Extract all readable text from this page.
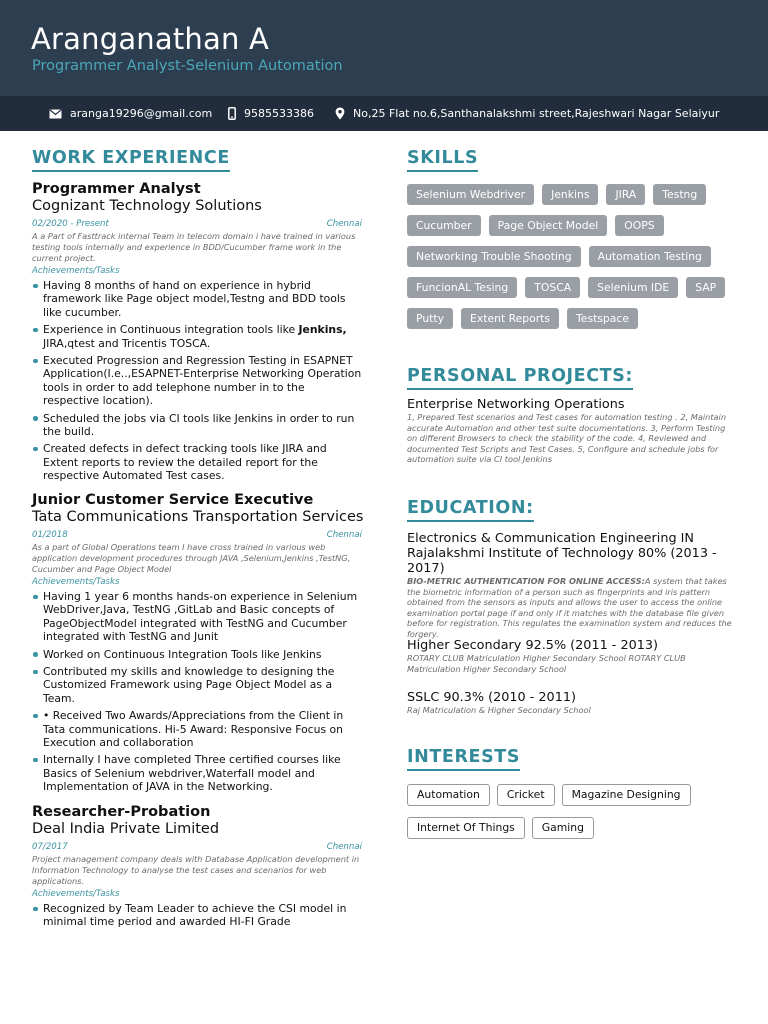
Aranganathan A
Programmer Analyst-Selenium Automation
aranga19296@gmail.com	9585533386	No,25 Flat no.6,Santhanalakshmi street,Rajeshwari Nagar Selaiyur
WORK EXPERIENCE
Programmer Analyst
Cognizant Technology Solutions
02/2020 - Present	Chennai
A a Part of Fasttrack internal Team in telecom domain i have trained in various testing tools internally and experience in BDD/Cucumber frame work in the current project.
Achievements/Tasks
Having 8 months of hand on experience in hybrid framework like Page object model,Testng and BDD tools like cucumber.
Experience in Continuous integration tools like Jenkins, JIRA,qtest and Tricentis TOSCA.
Executed Progression and Regression Testing in ESAPNET Application(I.e..,ESAPNET-Enterprise Networking Operation tools in order to add telephone number in to the respective location).
Scheduled the jobs via CI tools like Jenkins in order to run the build.
Created defects in defect tracking tools like JIRA and Extent reports to review the detailed report for the respective Automated Test cases.
Junior Customer Service Executive
Tata Communications Transportation Services
01/2018	Chennai
As a part of Global Operations team I have cross trained in various web application development procedures through JAVA ,Selenium,Jenkins ,TestNG, Cucumber and Page Object Model
Achievements/Tasks
Having 1 year 6 months hands-on experience in Selenium WebDriver,Java, TestNG ,GitLab and Basic concepts of PageObjectModel integrated with TestNG and Cucumber integrated with TestNG and Junit
Worked on Continuous Integration Tools like Jenkins
Contributed my skills and knowledge to designing the Customized Framework using Page Object Model as a Team.
• Received Two Awards/Appreciations from the Client in Tata communications. Hi-5 Award: Responsive Focus on Execution and collaboration
Internally I have completed Three certified courses like Basics of Selenium webdriver,Waterfall model and Implementation of JAVA in the Networking.
Researcher-Probation
Deal India Private Limited
07/2017	Chennai
Project management company deals with Database Application development in Information Technology to analyse the test cases and scenarios for web applications.
Achievements/Tasks
Recognized by Team Leader to achieve the CSI model in minimal time period and awarded HI-FI Grade
SKILLS
Selenium Webdriver	Jenkins	JIRA	Testng
Cucumber	Page Object Model	OOPS
Networking Trouble Shooting	Automation Testing
FuncionAL Tesing	TOSCA	Selenium IDE	SAP
Putty	Extent Reports	Testspace
PERSONAL PROJECTS:
Enterprise Networking Operations
1, Prepared Test scenarios and Test cases for automation testing . 2, Maintain accurate Automation and other test suite documentations. 3, Perform Testing on different Browsers to check the stability of the code. 4, Reviewed and documented Test Scripts and Test Cases. 5, Configure and schedule jobs for automation suite via CI tool Jenkins
EDUCATION:
Electronics & Communication Engineering IN Rajalakshmi Institute of Technology 80% (2013 - 2017)
BIO-METRIC AUTHENTICATION FOR ONLINE ACCESS:A system that takes the biometric information of a person such as fingerprints and iris pattern obtained from the sensors as inputs and allows the user to access the online examination portal page if and only if it matches with the database file given before for registration. This regulates the examination system and reduces the forgery.
Higher Secondary 92.5% (2011 - 2013)
ROTARY CLUB Matriculation Higher Secondary School ROTARY CLUB Matriculation Higher Secondary School
SSLC 90.3% (2010 - 2011)
Raj Matriculation & Higher Secondary School
INTERESTS
Automation	Cricket	Magazine Designing
Internet Of Things	Gaming
